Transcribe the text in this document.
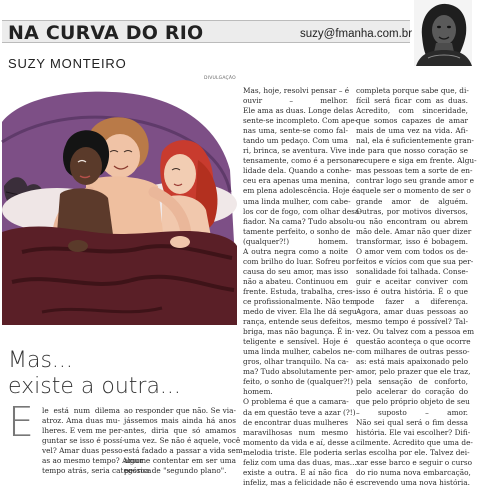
NA CURVA DO RIO	suzy@fmanha.com.br
SUZY MONTEIRO
DIVULGAÇÃO
Mas...
existe a outra...
E le está num dilema
atroz. Ama duas mu-
lheres. E vem me per-
guntar se isso é possí-
vel? Amar duas pesso-
as ao mesmo tempo? Algum
tempo atrás, seria categórica
ao responder que não. Se via-
jássemos mais ainda há anos
antes, diria que só amamos
uma vez. Se não é aquele, você
está fadado a passar a vida sem
amor e contentar em ser uma
pessoa de "segundo plano".
Mas, hoje, resolvi pensar – é
ouvir – melhor.
Ele ama as duas. Longe delas
sente-se incompleto. Com ape-
nas uma, sente-se como fal-
tando um pedaço. Com uma
ri, brinca, se aventura. Vive in-
tensamente, como é a persona-
lidade dela. Quando a conhe-
ceu era apenas uma menina,
em plena adolescência. Hoje é
uma linda mulher, com cabe-
los cor de fogo, com olhar desa-
fiador. Na cama? Tudo absolu-
tamente perfeito, o sonho de
(qualquer?!) homem.
A outra negra como a noite
com brilho do luar. Sofreu por
causa do seu amor, mas isso
não a abateu. Continuou em
frente. Estuda, trabalha, cres-
ce profissionalmente. Não tem
medo de viver. Ela lhe dá segu-
rança, entende seus defeitos,
briga, mas não bagunça. É in-
teligente e sensível. Hoje é
uma linda mulher, cabelos ne-
gros, olhar tranquilo. Na ca-
ma? Tudo absolutamente per-
feito, o sonho de (qualquer?!)
homem.
O problema é que a camara-
da em questão teve a azar (?!)
de encontrar duas mulheres
maravilhosas num mesmo
momento da vida e aí, desse a
melodia triste. Ele poderia ser
feliz com uma das duas, mas...
existe a outra. E aí não fica
infeliz, mas a felicidade não é
completa porque sabe que, di-
fícil será ficar com as duas.
Acredito, com sinceridade,
que somos capazes de amar
mais de uma vez na vida. Afi-
nal, ela é suficientemente gran-
de para que nosso coração se
recupere e siga em frente. Algu-
mas pessoas tem a sorte de en-
contrar logo seu grande amor e
aquele ser o momento de ser o
grande amor de alguém.
Outras, por motivos diversos,
ou não encontram ou abrem
mão dele. Amar não quer dizer
transformar, isso é bobagem.
O amor vem com todos os de-
feitos e vícios com que sua per-
sonalidade foi talhada. Conse-
guir e aceitar conviver com
isso é outra história. É o que
pode fazer a diferença.
Agora, amar duas pessoas ao
mesmo tempo é possível? Tal-
vez. Ou talvez com a pessoa em
questão aconteça o que ocorre
com milhares de outras pesso-
as: está mais apaixonado pelo
amor, pelo prazer que ele traz,
pela sensação de conforto,
pelo acelerar do coração do
que pelo próprio objeto de seu
– suposto – amor.
Não sei qual será o fim dessa
história. Ele vai escolher? Difi-
cilmente. Acredito que uma de-
las escolha por ele. Talvez dei-
xar esse barco e seguir o curso
do rio numa nova embarcação,
escrevendo uma nova história.
